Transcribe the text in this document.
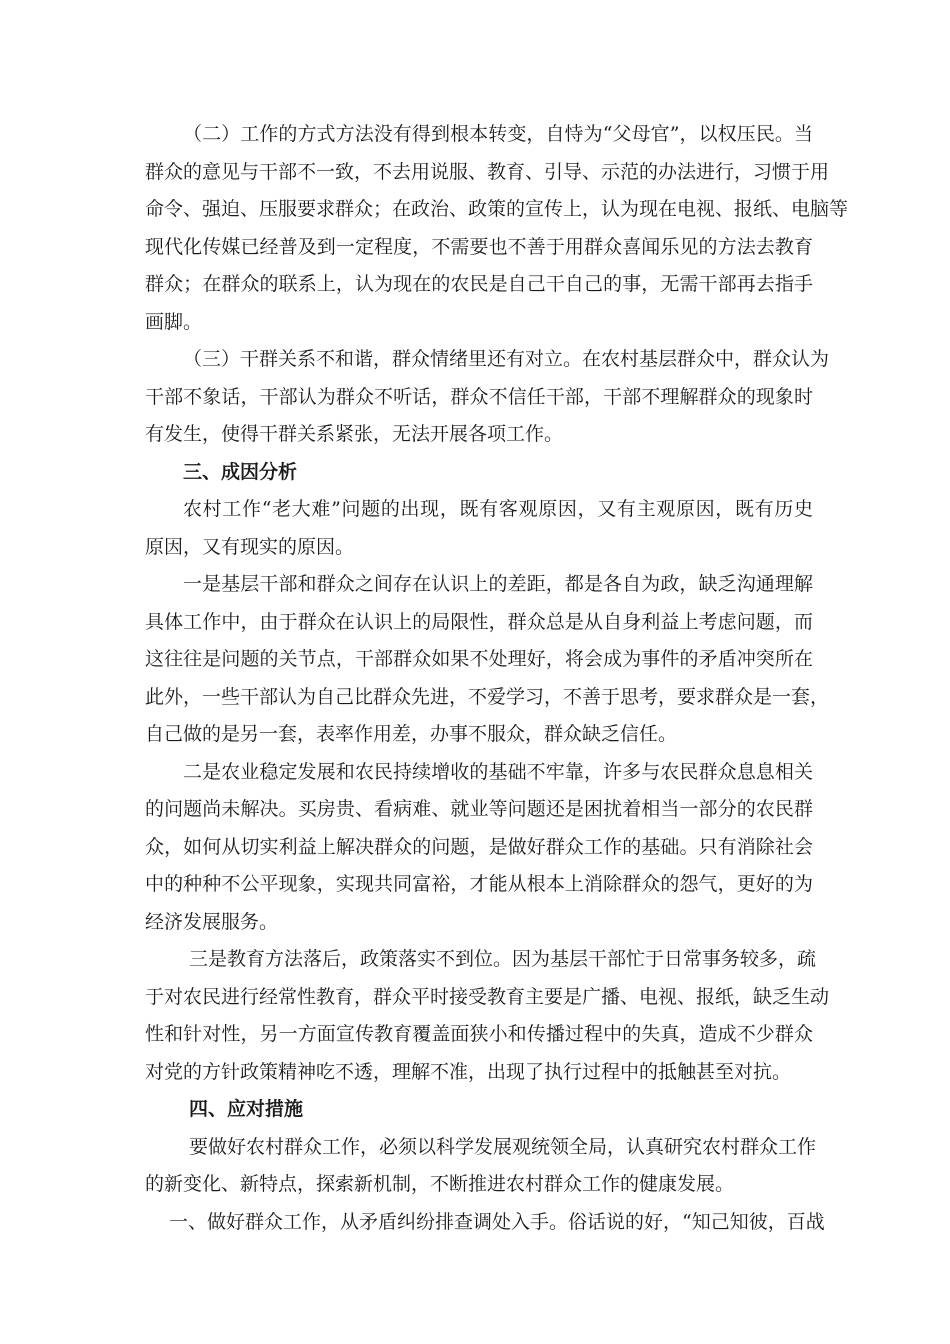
（二）工作的方式方法没有得到根本转变，自恃为“父母官”，以权压民。当
群众的意见与干部不一致，不去用说服、教育、引导、示范的办法进行，习惯于用
命令、强迫、压服要求群众；在政治、政策的宣传上，认为现在电视、报纸、电脑等
现代化传媒已经普及到一定程度，不需要也不善于用群众喜闻乐见的方法去教育
群众；在群众的联系上，认为现在的农民是自己干自己的事，无需干部再去指手
画脚。
（三）干群关系不和谐，群众情绪里还有对立。在农村基层群众中，群众认为
干部不象话，干部认为群众不听话，群众不信任干部，干部不理解群众的现象时
有发生，使得干群关系紧张，无法开展各项工作。
三、成因分析
农村工作“老大难”问题的出现，既有客观原因，又有主观原因，既有历史
原因，又有现实的原因。
一是基层干部和群众之间存在认识上的差距，都是各自为政，缺乏沟通理解
具体工作中，由于群众在认识上的局限性，群众总是从自身利益上考虑问题，而
这往往是问题的关节点，干部群众如果不处理好，将会成为事件的矛盾冲突所在
此外，一些干部认为自己比群众先进，不爱学习，不善于思考，要求群众是一套，
自己做的是另一套，表率作用差，办事不服众，群众缺乏信任。
二是农业稳定发展和农民持续增收的基础不牢靠，许多与农民群众息息相关
的问题尚未解决。买房贵、看病难、就业等问题还是困扰着相当一部分的农民群
众，如何从切实利益上解决群众的问题，是做好群众工作的基础。只有消除社会
中的种种不公平现象，实现共同富裕，才能从根本上消除群众的怨气，更好的为
经济发展服务。
三是教育方法落后，政策落实不到位。因为基层干部忙于日常事务较多，疏
于对农民进行经常性教育，群众平时接受教育主要是广播、电视、报纸，缺乏生动
性和针对性，另一方面宣传教育覆盖面狭小和传播过程中的失真，造成不少群众
对党的方针政策精神吃不透，理解不准，出现了执行过程中的抵触甚至对抗。
四、应对措施
要做好农村群众工作，必须以科学发展观统领全局，认真研究农村群众工作
的新变化、新特点，探索新机制，不断推进农村群众工作的健康发展。
一、做好群众工作，从矛盾纠纷排查调处入手。俗话说的好，“知己知彼，百战
